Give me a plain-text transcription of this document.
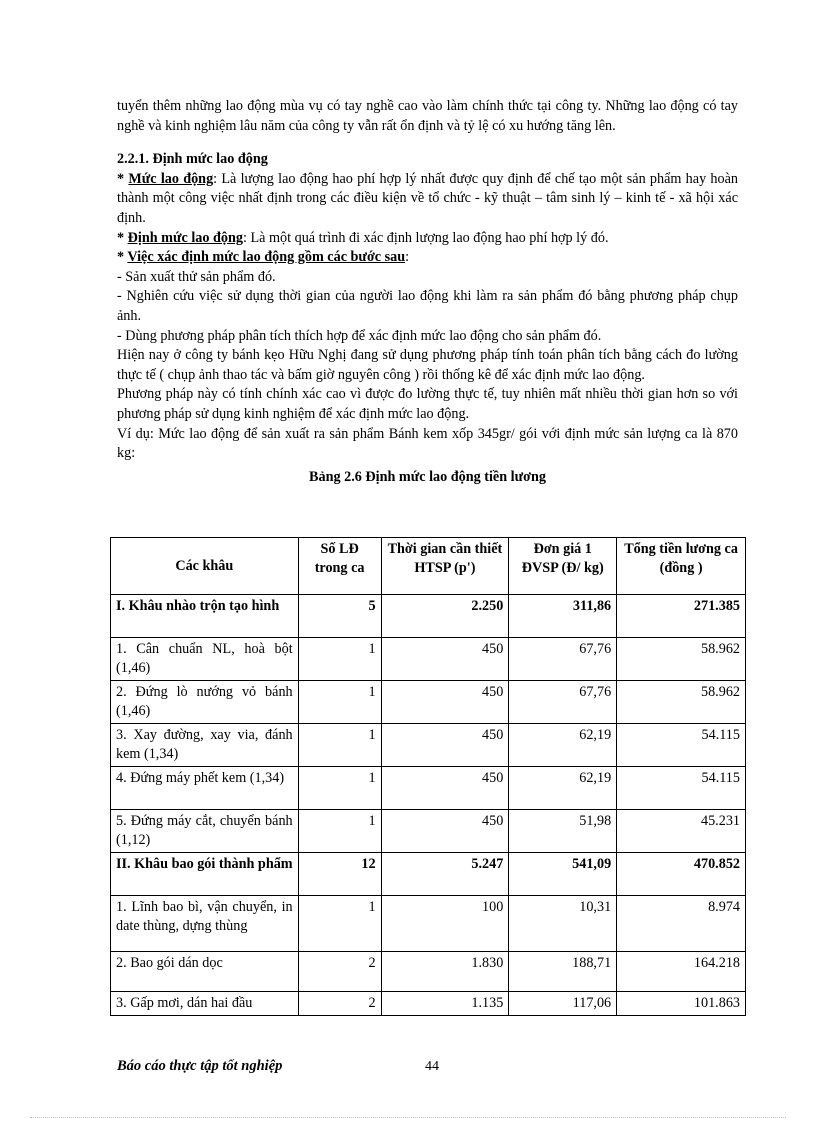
tuyển thêm những lao động mùa vụ có tay nghề cao vào làm chính thức tại công ty. Những lao động có tay nghề và kinh nghiệm lâu năm của công ty vẫn rất ổn định và tỷ lệ có xu hướng tăng lên.

2.2.1. Định mức lao động

* Mức lao động: Là lượng lao động hao phí hợp lý nhất được quy định để chế tạo một sản phẩm hay hoàn thành một công việc nhất định trong các điều kiện về tổ chức - kỹ thuật – tâm sinh lý – kinh tế - xã hội xác định.

* Định mức lao động: Là một quá trình đi xác định lượng lao động hao phí hợp lý đó.

* Việc xác định mức lao động gồm các bước sau:

- Sản xuất thử sản phẩm đó.

- Nghiên cứu việc sử dụng thời gian của người lao động khi làm ra sản phẩm đó bằng phương pháp chụp ảnh.

- Dùng phương pháp phân tích thích hợp để xác định mức lao động cho sản phẩm đó.

Hiện nay ở công ty bánh kẹo Hữu Nghị đang sử dụng phương pháp tính toán phân tích bằng cách đo lường thực tế ( chụp ảnh thao tác và bấm giờ nguyên công ) rồi thống kê để xác định mức lao động.

Phương pháp này có tính chính xác cao vì được đo lường thực tế, tuy nhiên mất nhiều thời gian hơn so với phương pháp sử dụng kinh nghiệm để xác định mức lao động.

Ví dụ: Mức lao động để sản xuất ra sản phẩm Bánh kem xốp 345gr/ gói với định mức sản lượng ca là 870 kg:

Bảng 2.6 Định mức lao động tiền lương

Các khâu	Số LĐ trong ca	Thời gian cần thiết HTSP (p')	Đơn giá 1 ĐVSP (Đ/ kg)	Tổng tiền lương ca (đồng )
I. Khâu nhào trộn tạo hình	5	2.250	311,86	271.385
1. Cân chuẩn NL, hoà bột (1,46)	1	450	67,76	58.962
2. Đứng lò nướng vỏ bánh (1,46)	1	450	67,76	58.962
3. Xay đường, xay via, đánh kem (1,34)	1	450	62,19	54.115
4. Đứng máy phết kem (1,34)	1	450	62,19	54.115
5. Đứng máy cắt, chuyển bánh (1,12)	1	450	51,98	45.231
II. Khâu bao gói thành phẩm	12	5.247	541,09	470.852
1. Lĩnh bao bì, vận chuyển, in date thùng, dựng thùng	1	100	10,31	8.974
2. Bao gói dán dọc	2	1.830	188,71	164.218
3. Gấp mơi, dán hai đầu	2	1.135	117,06	101.863
Báo cáo thực tập tốt nghiệp	44
